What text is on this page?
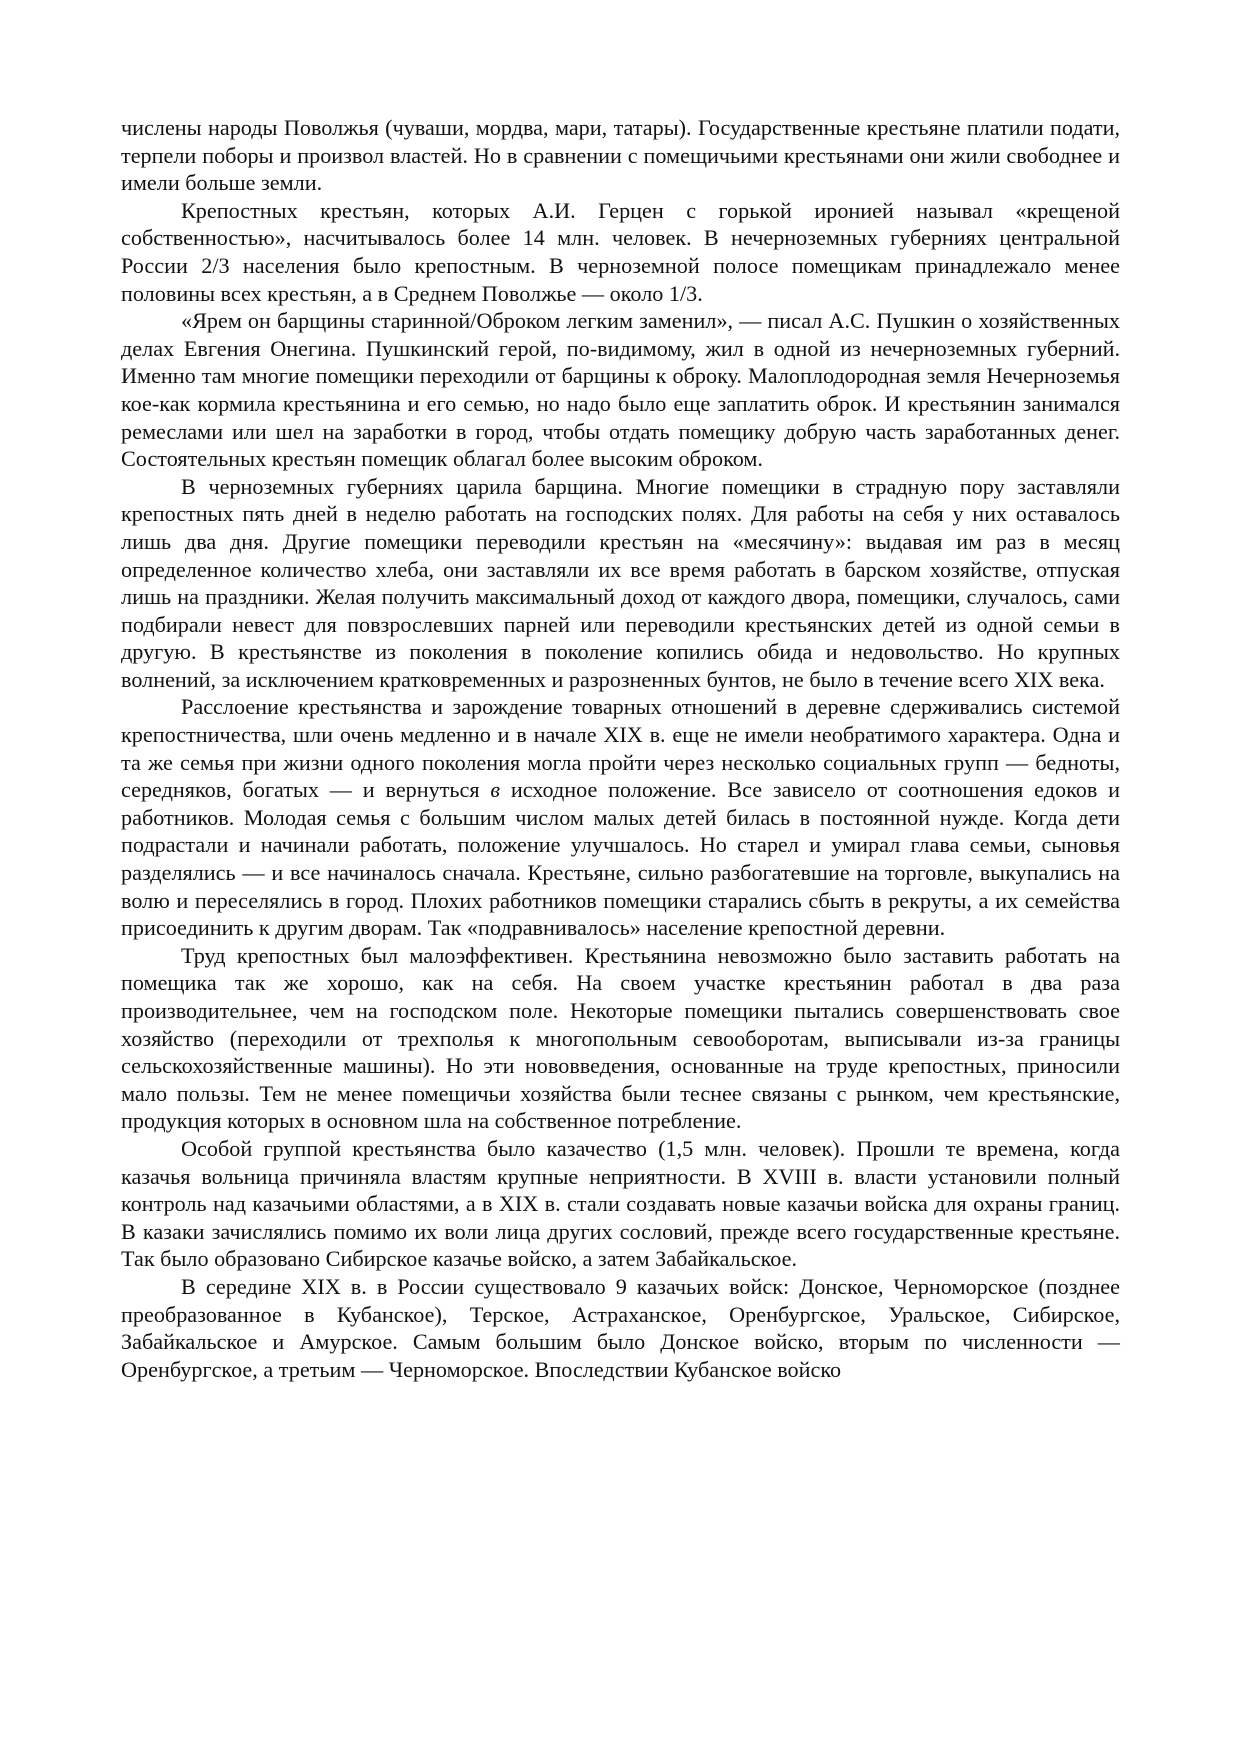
числены народы Поволжья (чуваши, мордва, мари, татары). Государственные крестьяне платили подати, терпели поборы и произвол властей. Но в сравнении с помещичьими крестьянами они жили свободнее и имели больше земли.

Крепостных крестьян, которых А.И. Герцен с горькой иронией называл «крещеной собственностью», насчитывалось более 14 млн. человек. В нечерноземных губерниях центральной России 2/3 населения было крепостным. В черноземной полосе помещикам принадлежало менее половины всех крестьян, а в Среднем Поволжье — около 1/3.

«Ярем он барщины старинной/Оброком легким заменил», — писал А.С. Пушкин о хозяйственных делах Евгения Онегина. Пушкинский герой, по-видимому, жил в одной из нечерноземных губерний. Именно там многие помещики переходили от барщины к оброку. Малоплодородная земля Нечерноземья кое-как кормила крестьянина и его семью, но надо было еще заплатить оброк. И крестьянин занимался ремеслами или шел на заработки в город, чтобы отдать помещику добрую часть заработанных денег. Состоятельных крестьян помещик облагал более высоким оброком.

В черноземных губерниях царила барщина. Многие помещики в страдную пору заставляли крепостных пять дней в неделю работать на господских полях. Для работы на себя у них оставалось лишь два дня. Другие помещики переводили крестьян на «месячину»: выдавая им раз в месяц определенное количество хлеба, они заставляли их все время работать в барском хозяйстве, отпуская лишь на праздники. Желая получить максимальный доход от каждого двора, помещики, случалось, сами подбирали невест для повзрослевших парней или переводили крестьянских детей из одной семьи в другую. В крестьянстве из поколения в поколение копились обида и недовольство. Но крупных волнений, за исключением кратковременных и разрозненных бунтов, не было в течение всего XIX века.

Расслоение крестьянства и зарождение товарных отношений в деревне сдерживались системой крепостничества, шли очень медленно и в начале XIX в. еще не имели необратимого характера. Одна и та же семья при жизни одного поколения могла пройти через несколько социальных групп — бедноты, середняков, богатых — и вернуться в исходное положение. Все зависело от соотношения едоков и работников. Молодая семья с большим числом малых детей билась в постоянной нужде. Когда дети подрастали и начинали работать, положение улучшалось. Но старел и умирал глава семьи, сыновья разделялись — и все начиналось сначала. Крестьяне, сильно разбогатевшие на торговле, выкупались на волю и переселялись в город. Плохих работников помещики старались сбыть в рекруты, а их семейства присоединить к другим дворам. Так «подравнивалось» население крепостной деревни.

Труд крепостных был малоэффективен. Крестьянина невозможно было заставить работать на помещика так же хорошо, как на себя. На своем участке крестьянин работал в два раза производительнее, чем на господском поле. Некоторые помещики пытались совершенствовать свое хозяйство (переходили от трехполья к многопольным севооборотам, выписывали из-за границы сельскохозяйственные машины). Но эти нововведения, основанные на труде крепостных, приносили мало пользы. Тем не менее помещичьи хозяйства были теснее связаны с рынком, чем крестьянские, продукция которых в основном шла на собственное потребление.

Особой группой крестьянства было казачество (1,5 млн. человек). Прошли те времена, когда казачья вольница причиняла властям крупные неприятности. В XVIII в. власти установили полный контроль над казачьими областями, а в XIX в. стали создавать новые казачьи войска для охраны границ. В казаки зачислялись помимо их воли лица других сословий, прежде всего государственные крестьяне. Так было образовано Сибирское казачье войско, а затем Забайкальское.

В середине XIX в. в России существовало 9 казачьих войск: Донское, Черноморское (позднее преобразованное в Кубанское), Терское, Астраханское, Оренбургское, Уральское, Сибирское, Забайкальское и Амурское. Самым большим было Донское войско, вторым по численности — Оренбургское, а третьим — Черноморское. Впоследствии Кубанское войско
